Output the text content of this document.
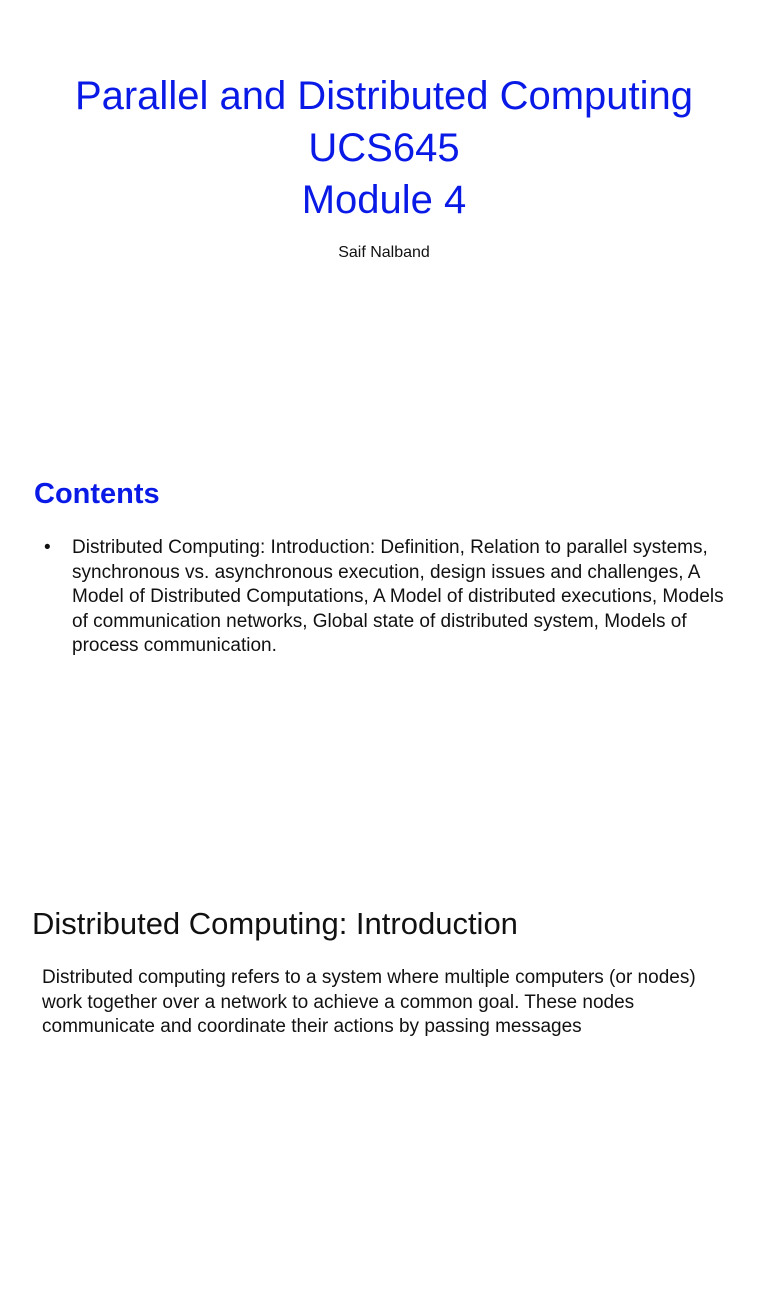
Parallel and Distributed Computing
UCS645
Module 4
Saif Nalband
Contents
• Distributed Computing: Introduction: Definition, Relation to parallel systems, synchronous vs. asynchronous execution, design issues and challenges, A Model of Distributed Computations, A Model of distributed executions, Models of communication networks, Global state of distributed system, Models of process communication.
Distributed Computing: Introduction
Distributed computing refers to a system where multiple computers (or nodes) work together over a network to achieve a common goal. These nodes communicate and coordinate their actions by passing messages
